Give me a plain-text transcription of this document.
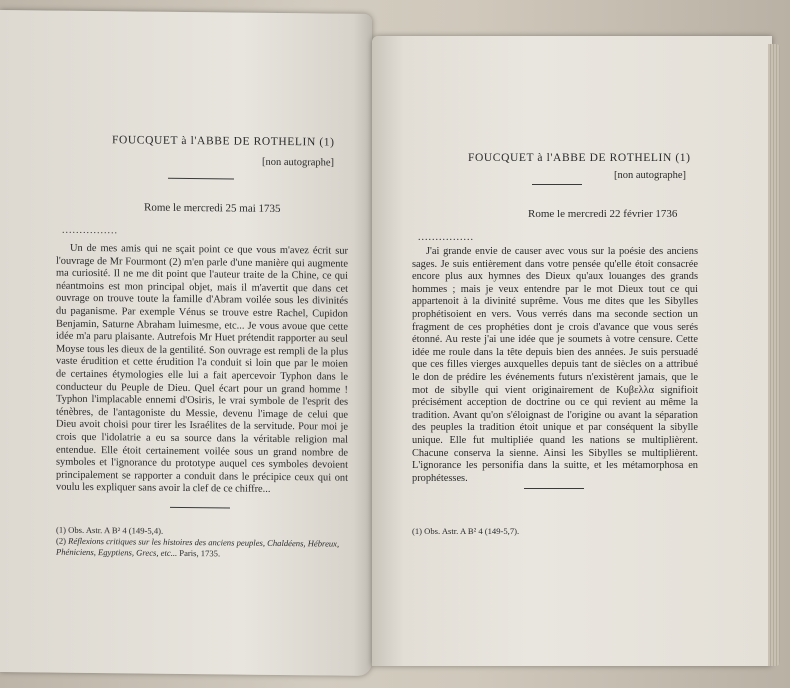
FOUCQUET à l'ABBE DE ROTHELIN (1)
[non autographe]
Rome le mercredi 25 mai 1735
................
Un de mes amis qui ne sçait point ce que vous m'avez écrit sur l'ouvrage de Mr Fourmont (2) m'en parle d'une manière qui augmente ma curiosité. Il ne me dit point que l'auteur traite de la Chine, ce qui néantmoins est mon principal objet, mais il m'avertit que dans cet ouvrage on trouve toute la famille d'Abram voilée sous les divinités du paganisme. Par exemple Vénus se trouve estre Rachel, Cupidon Benjamin, Saturne Abraham luimesme, etc... Je vous avoue que cette idée m'a paru plaisante. Autrefois Mr Huet prétendit rapporter au seul Moyse tous les dieux de la gentilité. Son ouvrage est rempli de la plus vaste érudition et cette érudition l'a conduit si loin que par le moien de certaines étymologies elle lui a fait apercevoir Typhon dans le conducteur du Peuple de Dieu. Quel écart pour un grand homme ! Typhon l'implacable ennemi d'Osiris, le vrai symbole de l'esprit des ténèbres, de l'antagoniste du Messie, devenu l'image de celui que Dieu avoit choisi pour tirer les Israélites de la servitude. Pour moi je crois que l'idolatrie a eu sa source dans la véritable religion mal entendue. Elle étoit certainement voilée sous un grand nombre de symboles et l'ignorance du prototype auquel ces symboles devoient principalement se rapporter a conduit dans le précipice ceux qui ont voulu les expliquer sans avoir la clef de ce chiffre...
(1) Obs. Astr. A B² 4 (149-5,4).
(2) Réflexions critiques sur les histoires des anciens peuples, Chaldéens, Hébreux, Phéniciens, Egyptiens, Grecs, etc... Paris, 1735.
FOUCQUET à l'ABBE DE ROTHELIN (1)
[non autographe]
Rome le mercredi 22 février 1736
................
J'ai grande envie de causer avec vous sur la poésie des anciens sages. Je suis entièrement dans votre pensée qu'elle étoit consacrée encore plus aux hymnes des Dieux qu'aux louanges des grands hommes ; mais je veux entendre par le mot Dieux tout ce qui appartenoit à la divinité suprême. Vous me dites que les Sibylles prophétisoient en vers. Vous verrés dans ma seconde section un fragment de ces prophéties dont je crois d'avance que vous serés étonné. Au reste j'ai une idée que je soumets à votre censure. Cette idée me roule dans la tête depuis bien des années. Je suis persuadé que ces filles vierges auxquelles depuis tant de siècles on a attribué le don de prédire les événements futurs n'existèrent jamais, que le mot de sibylle qui vient originairement de Κυβελλα signifioit précisément acception de doctrine ou ce qui revient au même la tradition. Avant qu'on s'éloignast de l'origine ou avant la séparation des peuples la tradition étoit unique et par conséquent la sibylle unique. Elle fut multipliée quand les nations se multiplièrent. Chacune conserva la sienne. Ainsi les Sibylles se multiplièrent. L'ignorance les personifia dans la suitte, et les métamorphosa en prophétesses.
(1) Obs. Astr. A B² 4 (149-5,7).
